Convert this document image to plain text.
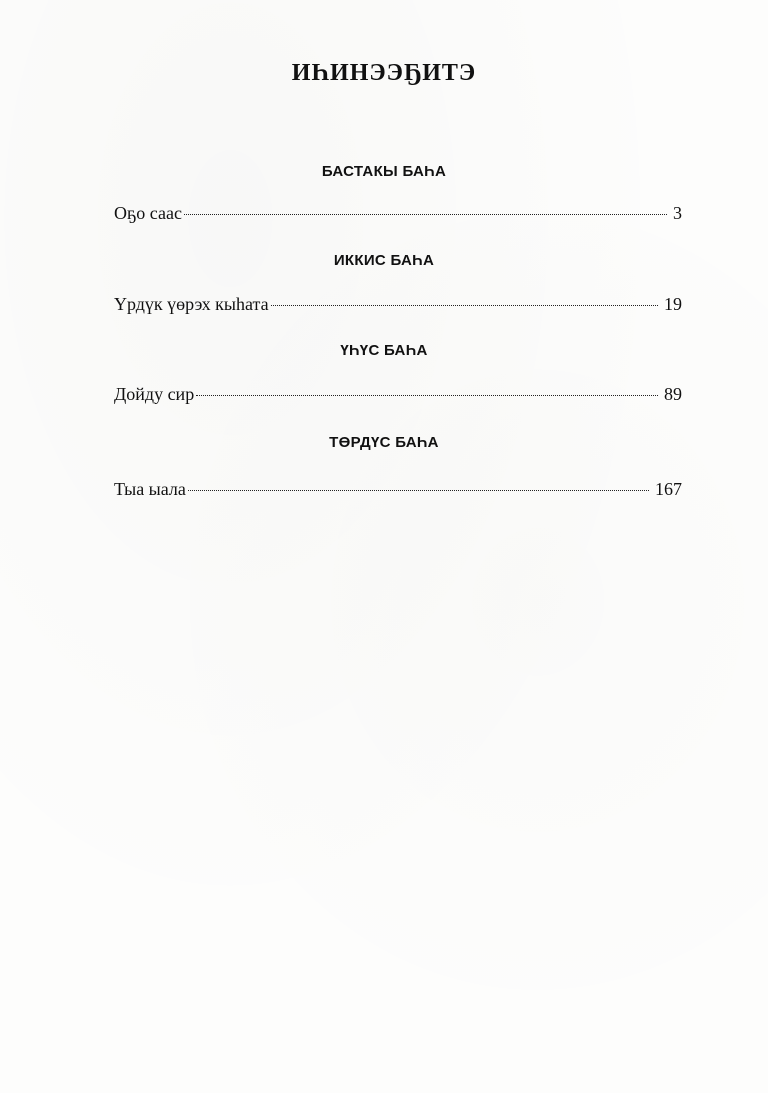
ИҺИНЭЭҔИТЭ
БАСТАКЫ БАҺА
Оҕо саас	3
ИККИС БАҺА
Үрдүк үөрэх кыһата	19
ҮҺҮС БАҺА
Дойду сир	89
ТӨРДҮС БАҺА
Тыа ыала	167
